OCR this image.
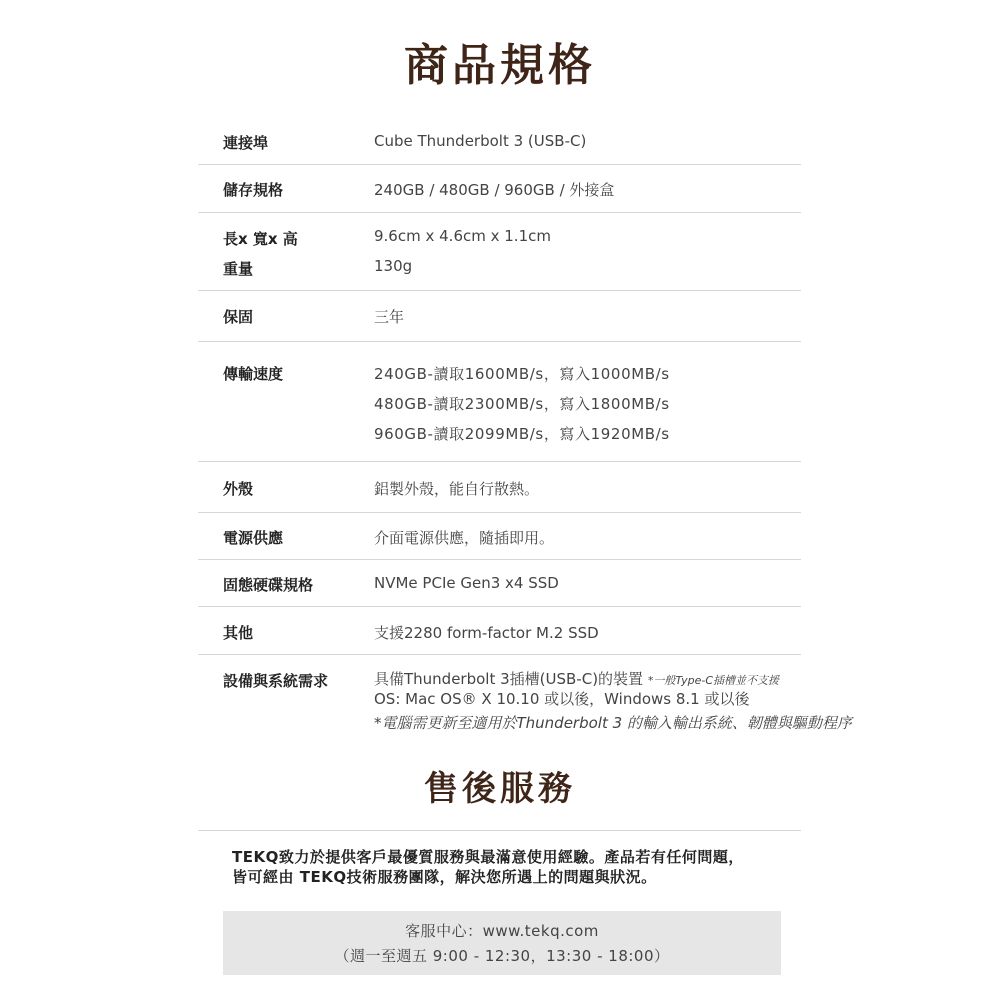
商品規格
連接埠	Cube Thunderbolt 3 (USB-C)
儲存規格	240GB / 480GB / 960GB / 外接盒
長x 寬x 高	9.6cm x 4.6cm x 1.1cm
重量	130g
保固	三年
傳輸速度	240GB-讀取1600MB/s，寫入1000MB/s
480GB-讀取2300MB/s，寫入1800MB/s
960GB-讀取2099MB/s，寫入1920MB/s
外殼	鋁製外殼，能自行散熱。
電源供應	介面電源供應，隨插即用。
固態硬碟規格	NVMe PCIe Gen3 x4 SSD
其他	支援2280 form-factor M.2 SSD
設備與系統需求	具備Thunderbolt 3插槽(USB-C)的裝置 *一般Type-C插槽並不支援
OS: Mac OS® X 10.10 或以後，Windows 8.1 或以後
*電腦需更新至適用於Thunderbolt 3 的輸入輸出系統、韌體與驅動程序
售後服務
TEKQ致力於提供客戶最優質服務與最滿意使用經驗。產品若有任何問題，
皆可經由 TEKQ技術服務團隊，解決您所遇上的問題與狀況。
客服中心：www.tekq.com
（週一至週五 9:00 - 12:30，13:30 - 18:00）
